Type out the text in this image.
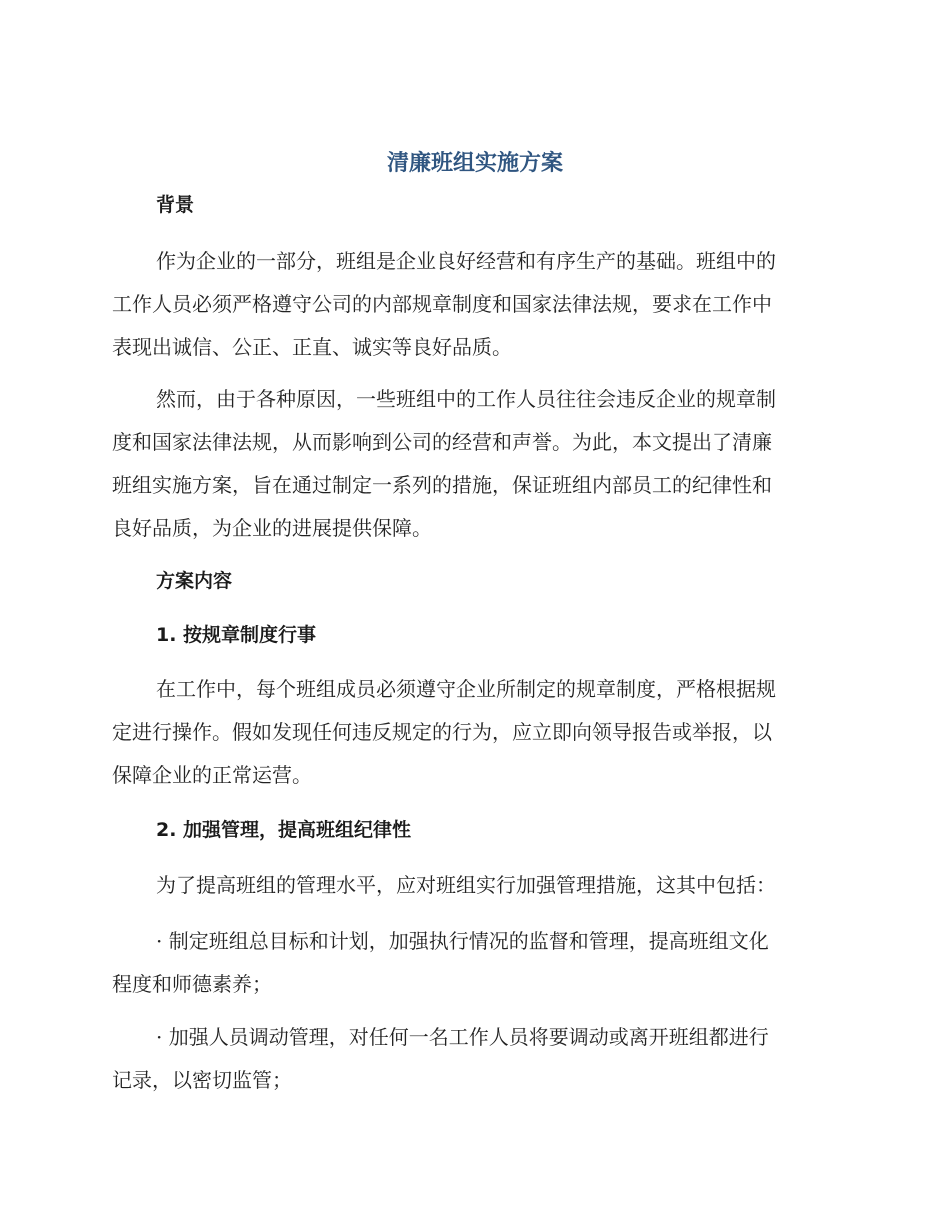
清廉班组实施方案
背景
作为企业的一部分，班组是企业良好经营和有序生产的基础。班组中的
工作人员必须严格遵守公司的内部规章制度和国家法律法规，要求在工作中
表现出诚信、公正、正直、诚实等良好品质。
然而，由于各种原因，一些班组中的工作人员往往会违反企业的规章制
度和国家法律法规，从而影响到公司的经营和声誉。为此，本文提出了清廉
班组实施方案，旨在通过制定一系列的措施，保证班组内部员工的纪律性和
良好品质，为企业的进展提供保障。
方案内容
1. 按规章制度行事
在工作中，每个班组成员必须遵守企业所制定的规章制度，严格根据规
定进行操作。假如发现任何违反规定的行为，应立即向领导报告或举报，以
保障企业的正常运营。
2. 加强管理，提高班组纪律性
为了提高班组的管理水平，应对班组实行加强管理措施，这其中包括：
· 制定班组总目标和计划，加强执行情况的监督和管理，提高班组文化
程度和师德素养；
· 加强人员调动管理，对任何一名工作人员将要调动或离开班组都进行
记录，以密切监管；
